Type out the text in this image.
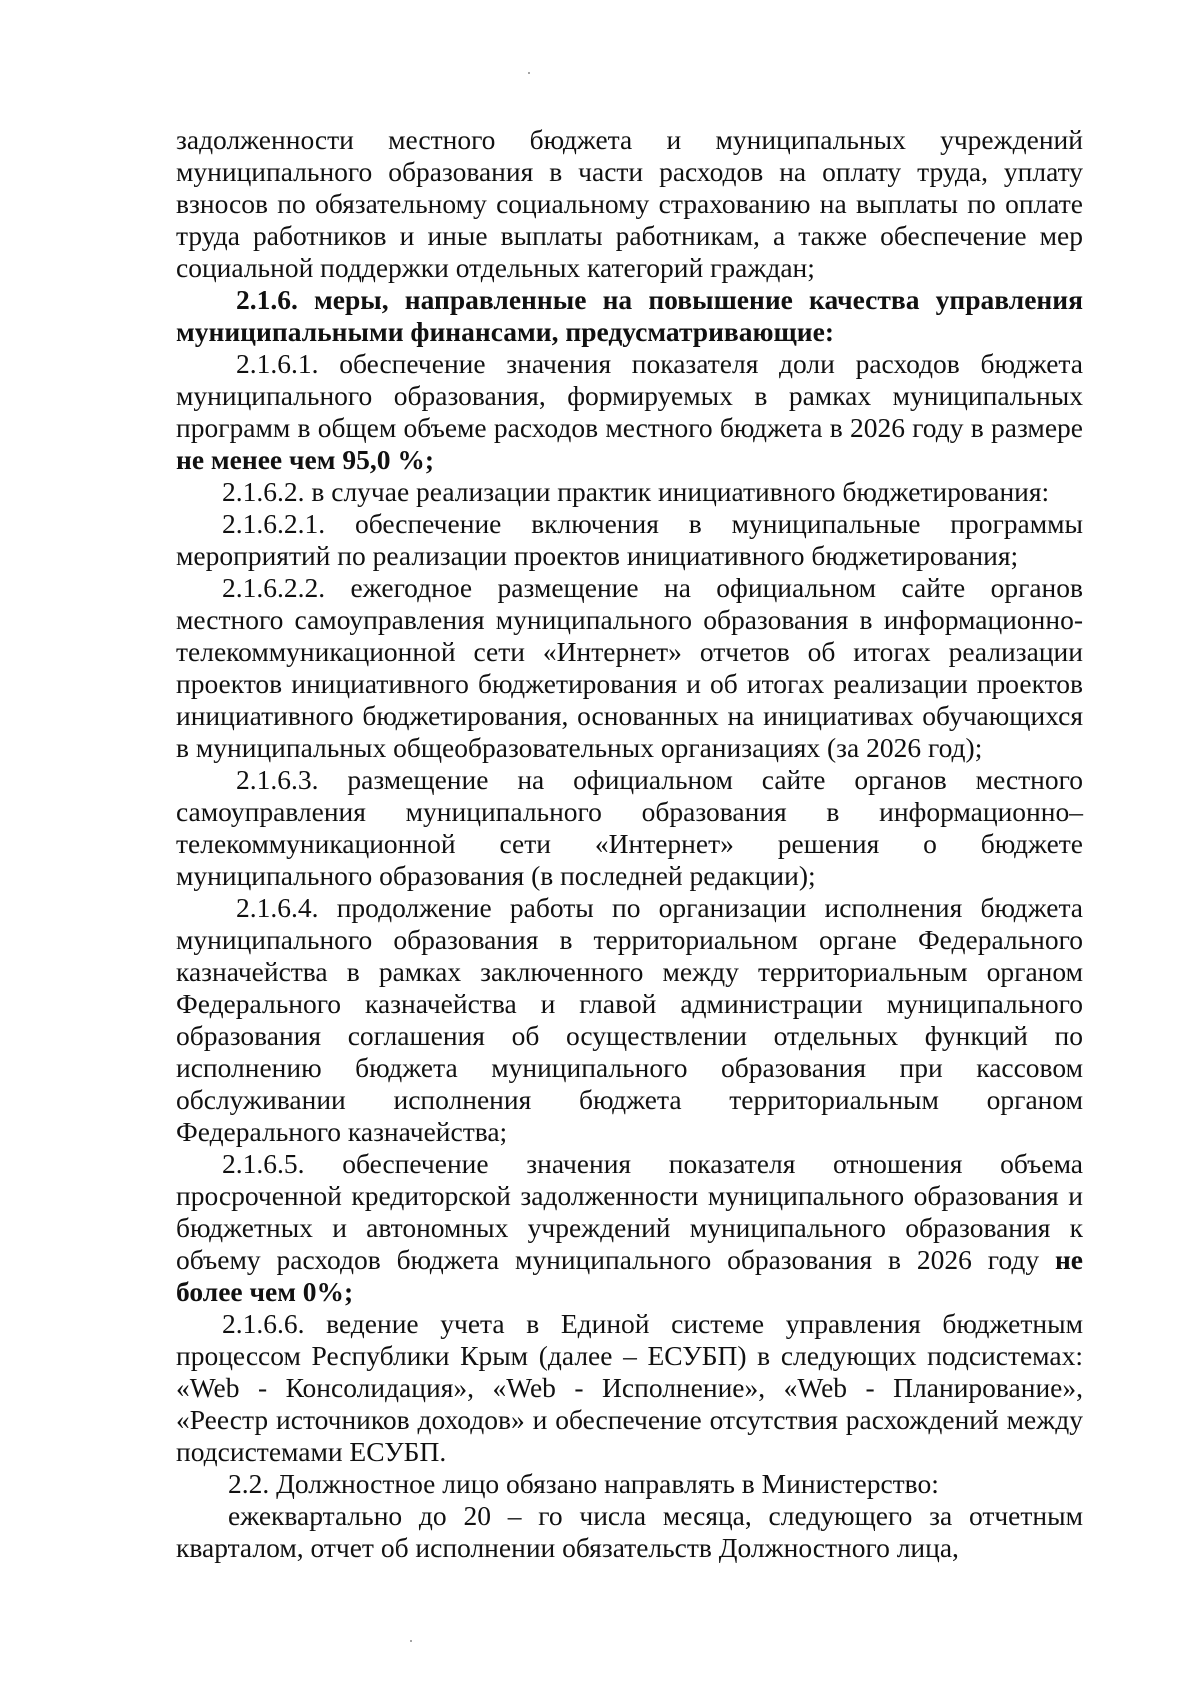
задолженности местного бюджета и муниципальных учреждений муниципального образования в части расходов на оплату труда, уплату взносов по обязательному социальному страхованию на выплаты по оплате труда работников и иные выплаты работникам, а также обеспечение мер социальной поддержки отдельных категорий граждан;

2.1.6. меры, направленные на повышение качества управления муниципальными финансами, предусматривающие:

2.1.6.1. обеспечение значения показателя доли расходов бюджета муниципального образования, формируемых в рамках муниципальных программ в общем объеме расходов местного бюджета в 2026 году в размере не менее чем 95,0 %;

2.1.6.2. в случае реализации практик инициативного бюджетирования:

2.1.6.2.1. обеспечение включения в муниципальные программы мероприятий по реализации проектов инициативного бюджетирования;

2.1.6.2.2. ежегодное размещение на официальном сайте органов местного самоуправления муниципального образования в информационно-телекоммуникационной сети «Интернет» отчетов об итогах реализации проектов инициативного бюджетирования и об итогах реализации проектов инициативного бюджетирования, основанных на инициативах обучающихся в муниципальных общеобразовательных организациях (за 2026 год);

2.1.6.3. размещение на официальном сайте органов местного самоуправления муниципального образования в информационно–телекоммуникационной сети «Интернет» решения о бюджете муниципального образования (в последней редакции);

2.1.6.4. продолжение работы по организации исполнения бюджета муниципального образования в территориальном органе Федерального казначейства в рамках заключенного между территориальным органом Федерального казначейства и главой администрации муниципального образования соглашения об осуществлении отдельных функций по исполнению бюджета муниципального образования при кассовом обслуживании исполнения бюджета территориальным органом Федерального казначейства;

2.1.6.5. обеспечение значения показателя отношения объема просроченной кредиторской задолженности муниципального образования и бюджетных и автономных учреждений муниципального образования к объему расходов бюджета муниципального образования в 2026 году не более чем 0%;

2.1.6.6. ведение учета в Единой системе управления бюджетным процессом Республики Крым (далее – ЕСУБП) в следующих подсистемах: «Web - Консолидация», «Web - Исполнение», «Web - Планирование», «Реестр источников доходов» и обеспечение отсутствия расхождений между подсистемами ЕСУБП.

2.2. Должностное лицо обязано направлять в Министерство:

ежеквартально до 20 – го числа месяца, следующего за отчетным кварталом, отчет об исполнении обязательств Должностного лица,
